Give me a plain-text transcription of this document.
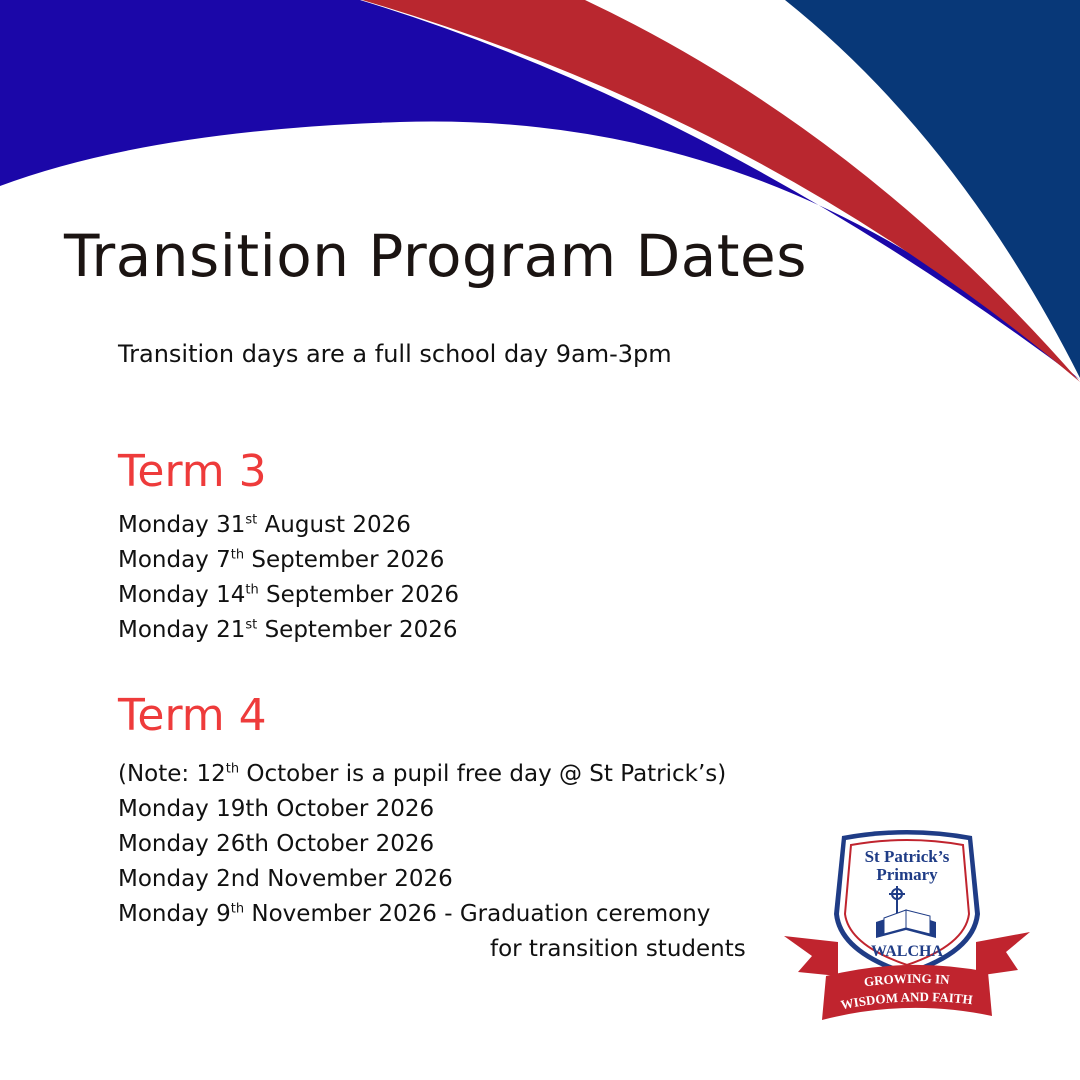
Transition Program Dates
Transition days are a full school day 9am-3pm
Term 3
Monday 31st August 2026
Monday 7th September 2026
Monday 14th September 2026
Monday 21st September 2026
Term 4
(Note: 12th October is a pupil free day @ St Patrick’s)
Monday 19th October 2026
Monday 26th October 2026
Monday 2nd November 2026
Monday 9th November 2026 - Graduation ceremony
for transition students
St Patrick’s
Primary
WALCHA
GROWING IN
WISDOM AND FAITH
